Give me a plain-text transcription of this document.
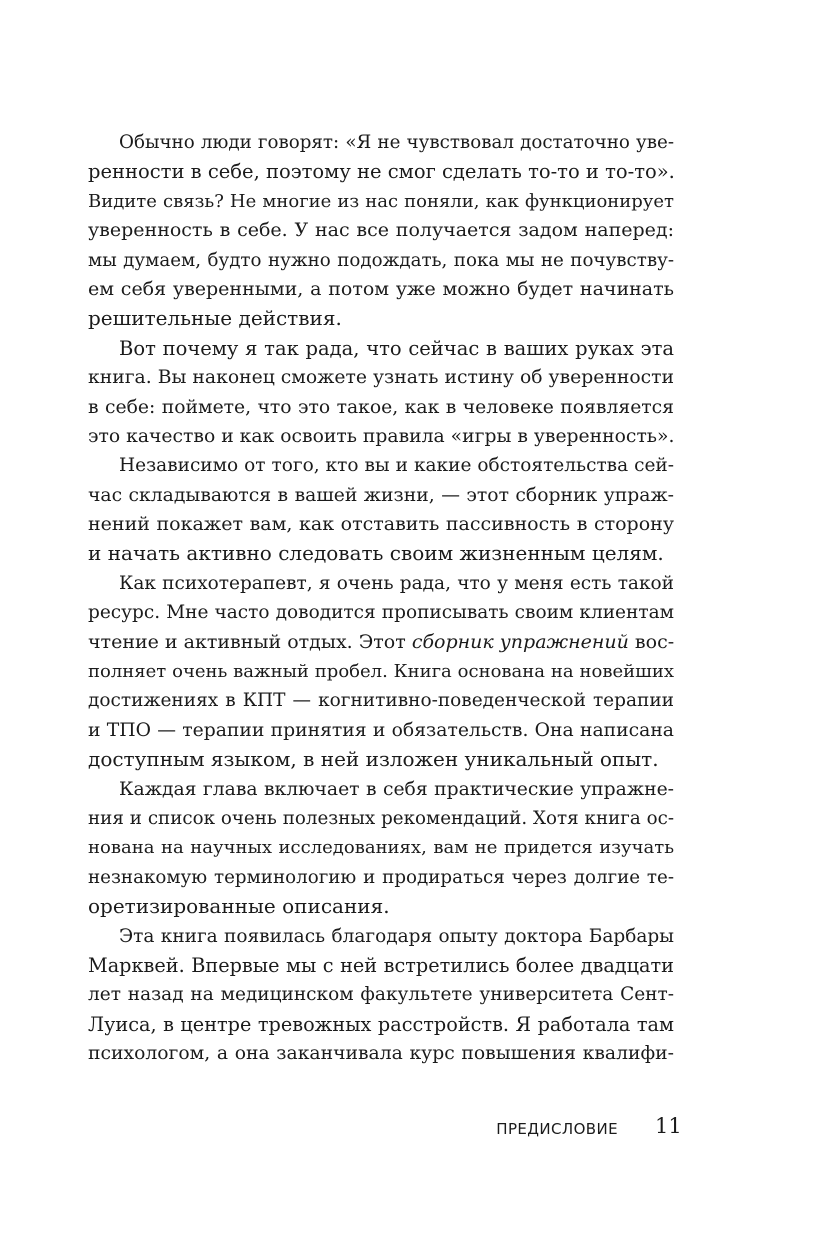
Обычно люди говорят: «Я не чувствовал достаточно уве-
ренности в себе, поэтому не смог сделать то-то и то-то».
Видите связь? Не многие из нас поняли, как функционирует
уверенность в себе. У нас все получается задом наперед:
мы думаем, будто нужно подождать, пока мы не почувству-
ем себя уверенными, а потом уже можно будет начинать
решительные действия.
Вот почему я так рада, что сейчас в ваших руках эта
книга. Вы наконец сможете узнать истину об уверенности
в себе: поймете, что это такое, как в человеке появляется
это качество и как освоить правила «игры в уверенность».
Независимо от того, кто вы и какие обстоятельства сей-
час складываются в вашей жизни, — этот сборник упраж-
нений покажет вам, как отставить пассивность в сторону
и начать активно следовать своим жизненным целям.
Как психотерапевт, я очень рада, что у меня есть такой
ресурс. Мне часто доводится прописывать своим клиентам
чтение и активный отдых. Этот сборник упражнений вос-
полняет очень важный пробел. Книга основана на новейших
достижениях в КПТ — когнитивно-поведенческой терапии
и ТПО — терапии принятия и обязательств. Она написана
доступным языком, в ней изложен уникальный опыт.
Каждая глава включает в себя практические упражне-
ния и список очень полезных рекомендаций. Хотя книга ос-
нована на научных исследованиях, вам не придется изучать
незнакомую терминологию и продираться через долгие те-
оретизированные описания.
Эта книга появилась благодаря опыту доктора Барбары
Марквей. Впервые мы с ней встретились более двадцати
лет назад на медицинском факультете университета Сент-
Луиса, в центре тревожных расстройств. Я работала там
психологом, а она заканчивала курс повышения квалифи-
ПРЕДИСЛОВИЕ 11
